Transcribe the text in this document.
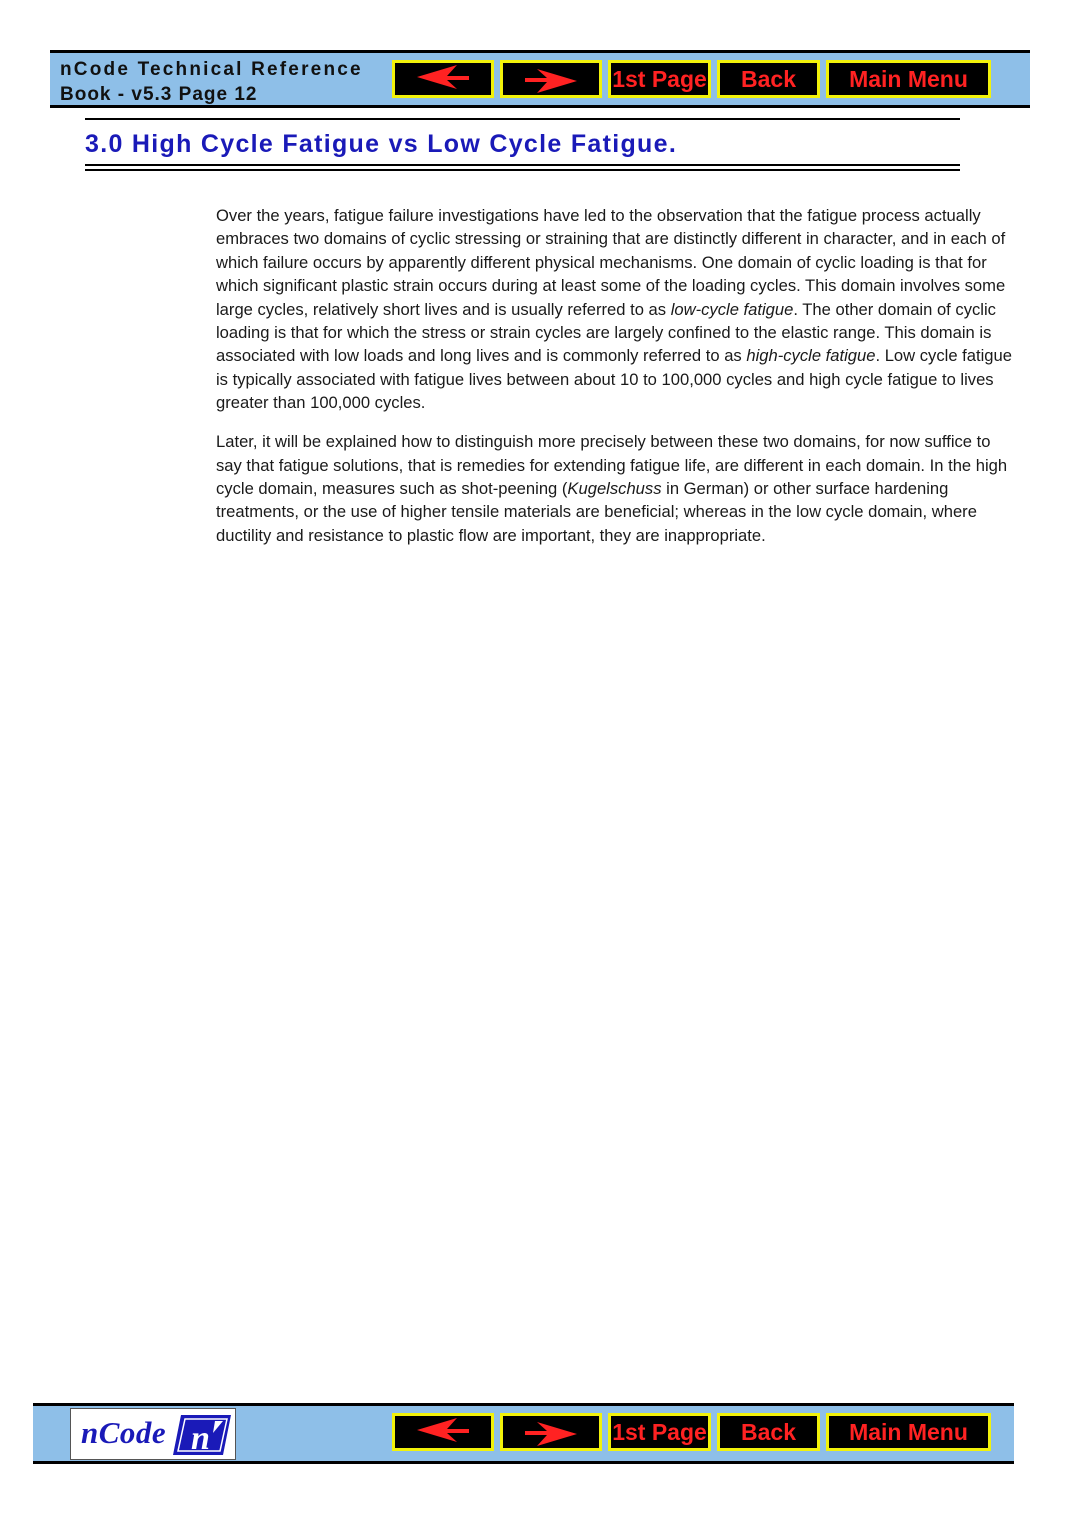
nCode Technical Reference
Book - v5.3 Page 12
1st Page	Back	Main Menu
3.0 High Cycle Fatigue vs Low Cycle Fatigue.

Over the years, fatigue failure investigations have led to the observation that the fatigue process actually embraces two domains of cyclic stressing or straining that are distinctly different in character, and in each of which failure occurs by apparently different physical mechanisms. One domain of cyclic loading is that for which significant plastic strain occurs during at least some of the loading cycles. This domain involves some large cycles, relatively short lives and is usually referred to as low-cycle fatigue. The other domain of cyclic loading is that for which the stress or strain cycles are largely confined to the elastic range. This domain is associated with low loads and long lives and is commonly referred to as high-cycle fatigue. Low cycle fatigue is typically associated with fatigue lives between about 10 to 100,000 cycles and high cycle fatigue to lives greater than 100,000 cycles.

Later, it will be explained how to distinguish more precisely between these two domains, for now suffice to say that fatigue solutions, that is remedies for extending fatigue life, are different in each domain. In the high cycle domain, measures such as shot-peening (Kugelschuss in German) or other surface hardening treatments, or the use of higher tensile materials are beneficial; whereas in the low cycle domain, where ductility and resistance to plastic flow are important, they are inappropriate.

nCode n	1st Page	Back	Main Menu
